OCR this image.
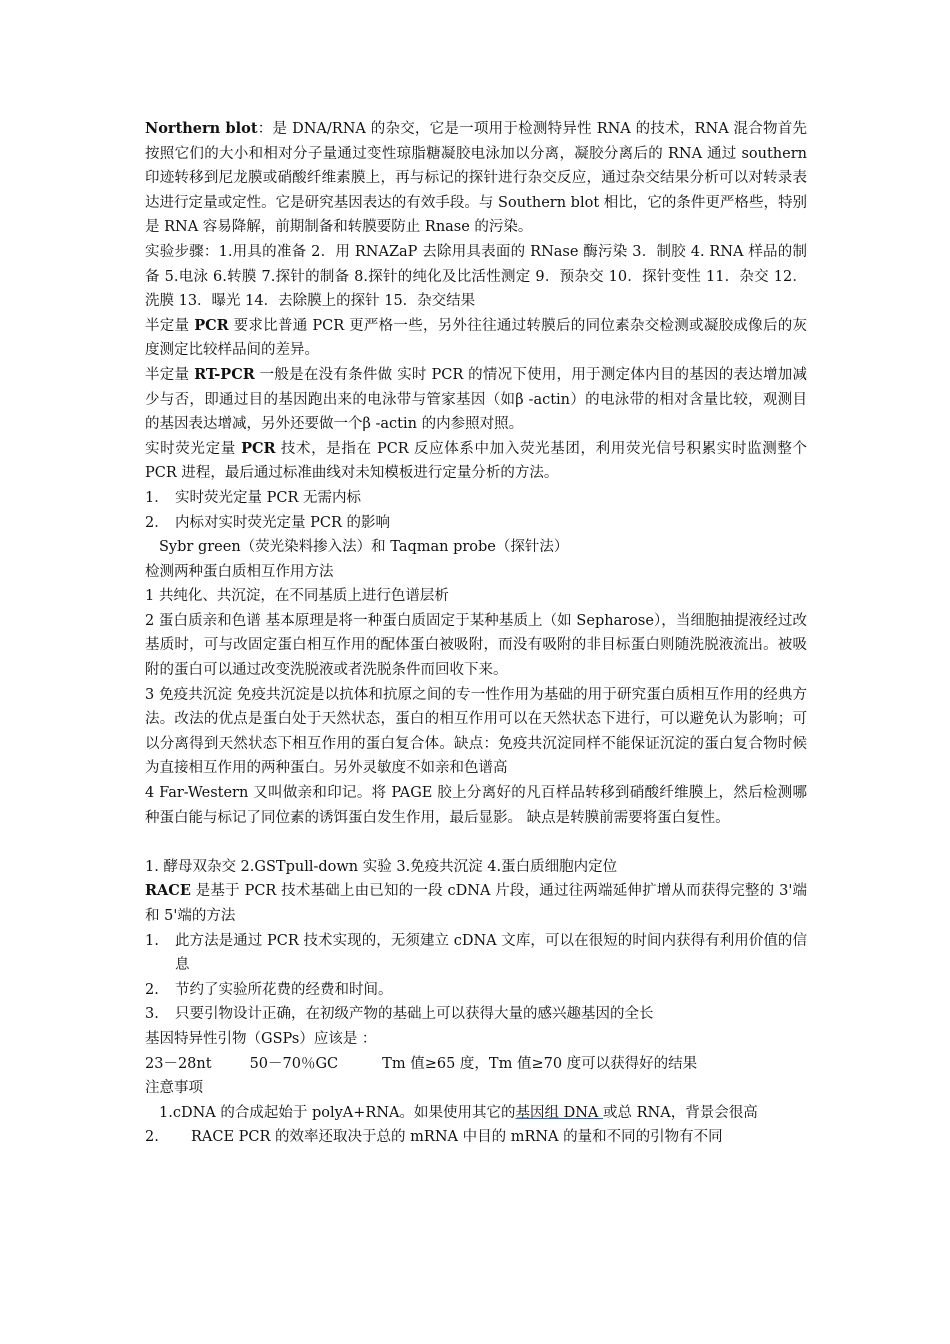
Northern blot：是 DNA/RNA 的杂交，它是一项用于检测特异性 RNA 的技术，RNA 混合物首先按照它们的大小和相对分子量通过变性琼脂糖凝胶电泳加以分离，凝胶分离后的 RNA 通过 southern 印迹转移到尼龙膜或硝酸纤维素膜上，再与标记的探针进行杂交反应，通过杂交结果分析可以对转录表达进行定量或定性。它是研究基因表达的有效手段。与 Southern blot 相比，它的条件更严格些，特别是 RNA 容易降解，前期制备和转膜要防止 Rnase 的污染。

实验步骤：1.用具的准备 2．用 RNAZaP 去除用具表面的 RNase 酶污染 3．制胶 4. RNA 样品的制备 5.电泳 6.转膜 7.探针的制备 8.探针的纯化及比活性测定 9．预杂交 10．探针变性 11．杂交 12．洗膜 13．曝光 14．去除膜上的探针 15．杂交结果

半定量 PCR 要求比普通 PCR 更严格一些，另外往往通过转膜后的同位素杂交检测或凝胶成像后的灰度测定比较样品间的差异。

半定量 RT-PCR 一般是在没有条件做 实时 PCR 的情况下使用，用于测定体内目的基因的表达增加减少与否，即通过目的基因跑出来的电泳带与管家基因（如β -actin）的电泳带的相对含量比较，观测目的基因表达增减，另外还要做一个β -actin 的内参照对照。

实时荧光定量 PCR 技术，是指在 PCR 反应体系中加入荧光基团，利用荧光信号积累实时监测整个 PCR 进程，最后通过标准曲线对未知模板进行定量分析的方法。

1． 实时荧光定量 PCR 无需内标
2． 内标对实时荧光定量 PCR 的影响

Sybr green（荧光染料掺入法）和 Taqman probe（探针法）

检测两种蛋白质相互作用方法

1 共纯化、共沉淀，在不同基质上进行色谱层析

2 蛋白质亲和色谱 基本原理是将一种蛋白质固定于某种基质上（如 Sepharose），当细胞抽提液经过改基质时，可与改固定蛋白相互作用的配体蛋白被吸附，而没有吸附的非目标蛋白则随洗脱液流出。被吸附的蛋白可以通过改变洗脱液或者洗脱条件而回收下来。

3 免疫共沉淀 免疫共沉淀是以抗体和抗原之间的专一性作用为基础的用于研究蛋白质相互作用的经典方法。改法的优点是蛋白处于天然状态，蛋白的相互作用可以在天然状态下进行，可以避免认为影响；可以分离得到天然状态下相互作用的蛋白复合体。缺点：免疫共沉淀同样不能保证沉淀的蛋白复合物时候为直接相互作用的两种蛋白。另外灵敏度不如亲和色谱高

4 Far-Western 又叫做亲和印记。将 PAGE 胶上分离好的凡百样品转移到硝酸纤维膜上，然后检测哪种蛋白能与标记了同位素的诱饵蛋白发生作用，最后显影。 缺点是转膜前需要将蛋白复性。

1. 酵母双杂交 2.GSTpull-down 实验 3.免疫共沉淀 4.蛋白质细胞内定位

RACE 是基于 PCR 技术基础上由已知的一段 cDNA 片段，通过往两端延伸扩增从而获得完整的 3'端和 5'端的方法

1.	此方法是通过 PCR 技术实现的，无须建立 cDNA 文库，可以在很短的时间内获得有利用价值的信息
2.	节约了实验所花费的经费和时间。
3.	只要引物设计正确，在初级产物的基础上可以获得大量的感兴趣基因的全长

基因特异性引物（GSPs）应该是 ：

23－28nt	50－70％GC	Tm 值≥65 度，Tm 值≥70 度可以获得好的结果

注意事项

1.cDNA 的合成起始于 polyA+RNA。如果使用其它的基因组 DNA 或总 RNA，背景会很高

2.	RACE PCR 的效率还取决于总的 mRNA 中目的 mRNA 的量和不同的引物有不同
